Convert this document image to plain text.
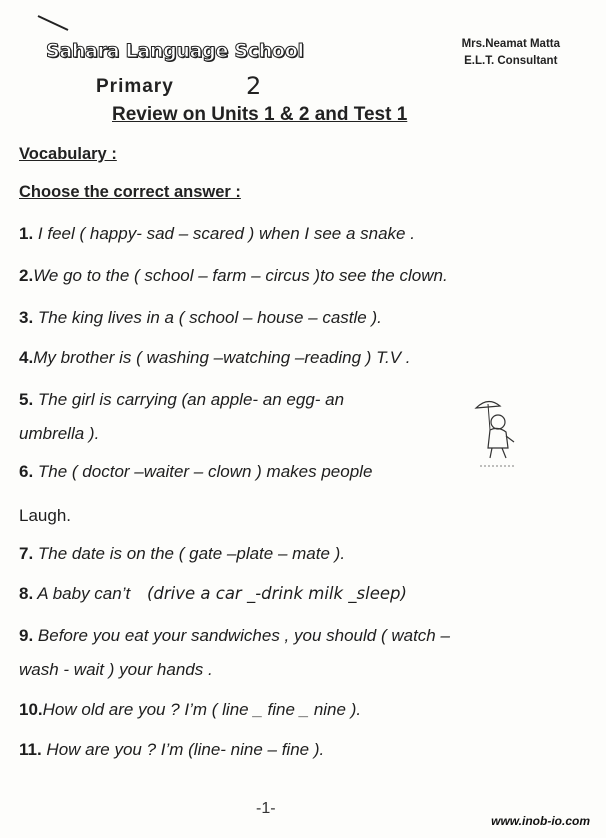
Sahara Language School	Mrs.Neamat Matta
E.L.T. Consultant
Primary	2
Review on Units 1 & 2 and Test 1
Vocabulary :
Choose the correct answer :
1. I feel ( happy- sad – scared ) when I see a snake .
2.We go to the ( school – farm – circus )to see the clown.
3. The king lives in a ( school – house – castle ).
4.My brother is ( washing –watching –reading ) T.V .
5. The girl is carrying (an apple- an egg- an
umbrella ).
6. The ( doctor –waiter – clown ) makes people
Laugh.
7. The date is on the ( gate –plate – mate ).
8. A baby can’t (drive a car _-drink milk _sleep)
9. Before you eat your sandwiches , you should ( watch –
wash - wait ) your hands .
10.How old are you ? I’m ( line _ fine _ nine ).
11. How are you ? I’m (line- nine – fine ).
-1-
www.inob-io.com
